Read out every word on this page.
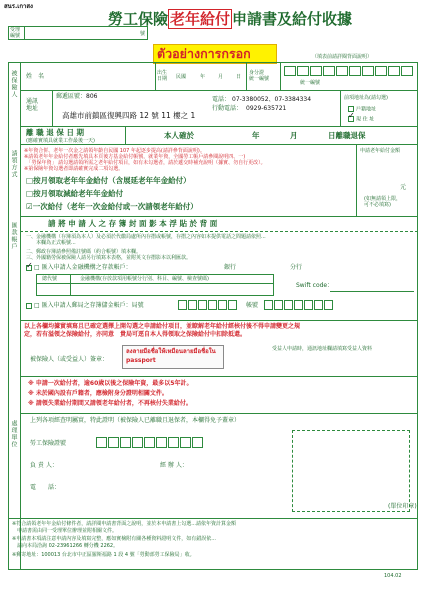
สนร.เกาสง
勞工保險 老年給付 申請書及給付收據
受理
編號	號
ตัวอย่างการกรอก	（填表前請詳閱背面說明）
被保險人 姓　名	出生
日期	民國	年	月	日
身分證
統一編號
統一編號
通訊
地址
郵遞區號： 806
高雄市前鎮區復興四路 12 號 11 樓之 1
電話： 07-3380052、07-3384334
行動電話： 0929-635721
前項地址為(請勾選)
戶籍地址
✓現 住 址
離 職 退 保 日 期
(應確實填具就業工作最後一天)
本人確於	年	月	日離職退保
請領方式 ※年資合併、老年一次金之請領年齡自民國 107 年起逐步提高(請詳參背面說明)。
※請領老年年金給付者應先填具本頁後方基金給付帳號，就業年資，全國勞工帳戶請參閱說明四、一)
　「勞保年資」 請勾選請領所需之老年給付項目，如有未勾選者，請於遞交時補充說明（據實、勿自行更改）。
※第保險年資勾選者即請確實完成二項勾選。
□按月領取老年年金給付（含展延老年年金給付）
□按月領取減給老年年金給付
☑一次給付（老年一次金給付或一次請領老年給付）
申請老年給付金額
元
(如無請領上限，
可不必填寫)
匯款帳戶	請 將 申 請 人 之 存 簿 封 面 影 本 浮 貼 於 背 面
一、金融機構（存簿須為本人）及必須於代繳局處所內存摺或帳號，存摺之內容如本提供電話之問題請依照...
　　本欄為正式帳號...
二、郵政存簿請參照備註號碼（約合帳號）填本欄。
三、外國籍勞保被保險人請另行填寫本表格，並附英文存摺影本以利匯款。
✓□ 匯入申請人金融機構之存款帳戶：	銀行	分行
總代號	金融機構(存放款項用帳號分行別、科目、編號、檢查號碼)
Swift code：
□ 匯入申請人郵局之存簿儲金帳戶：局號	帳號
以上各欄均據實填寫且已確定選擇上開勾選之申請給付項目，並瞭解老年給付經核付後不得申請變更之規
定，若有溢領之保險給付，亦同意　貴局可逕自本人得領取之保險給付中扣除抵還。
被保險人（或受益人）簽章：
ลงลายมือชื่อให้เหมือนลายมือชื่อใน passport
受益人申請時，通訊地址欄請填寫受益人資料
※ 申請一次給付者，逾60歲以後之保險年資，最多以5年計。
※ 未於國內設有戶籍者，應檢附身分證明相關文件。
※ 請領失業給付期間又請領老年給付者，不再核付失業給付。
處理單位 上列各項經查明屬實，特此證明（被保險人已離職且退保者，本欄得免予蓋章）
勞工保險證號
負 責 人：	經 辦 人：
電　　話：
(單位印章)
※符合請領老年年金給付條件者，請詳閱申請書背面之說明，並於本申請書上勾選...請依年資計算金額
　申請書需由同一受理單位辦理並附相關文件。
※申請書本項請注意申請內容及填寫完整，應如實檢附有關各種資料證明文件，如有錯誤依...
　請向本局洽詢 02-23961266 轉分機 2262。
※郵寄地址：100013 台北市中正區羅斯福路 1 段 4 號「勞動部勞工保險局」收。
104.02
